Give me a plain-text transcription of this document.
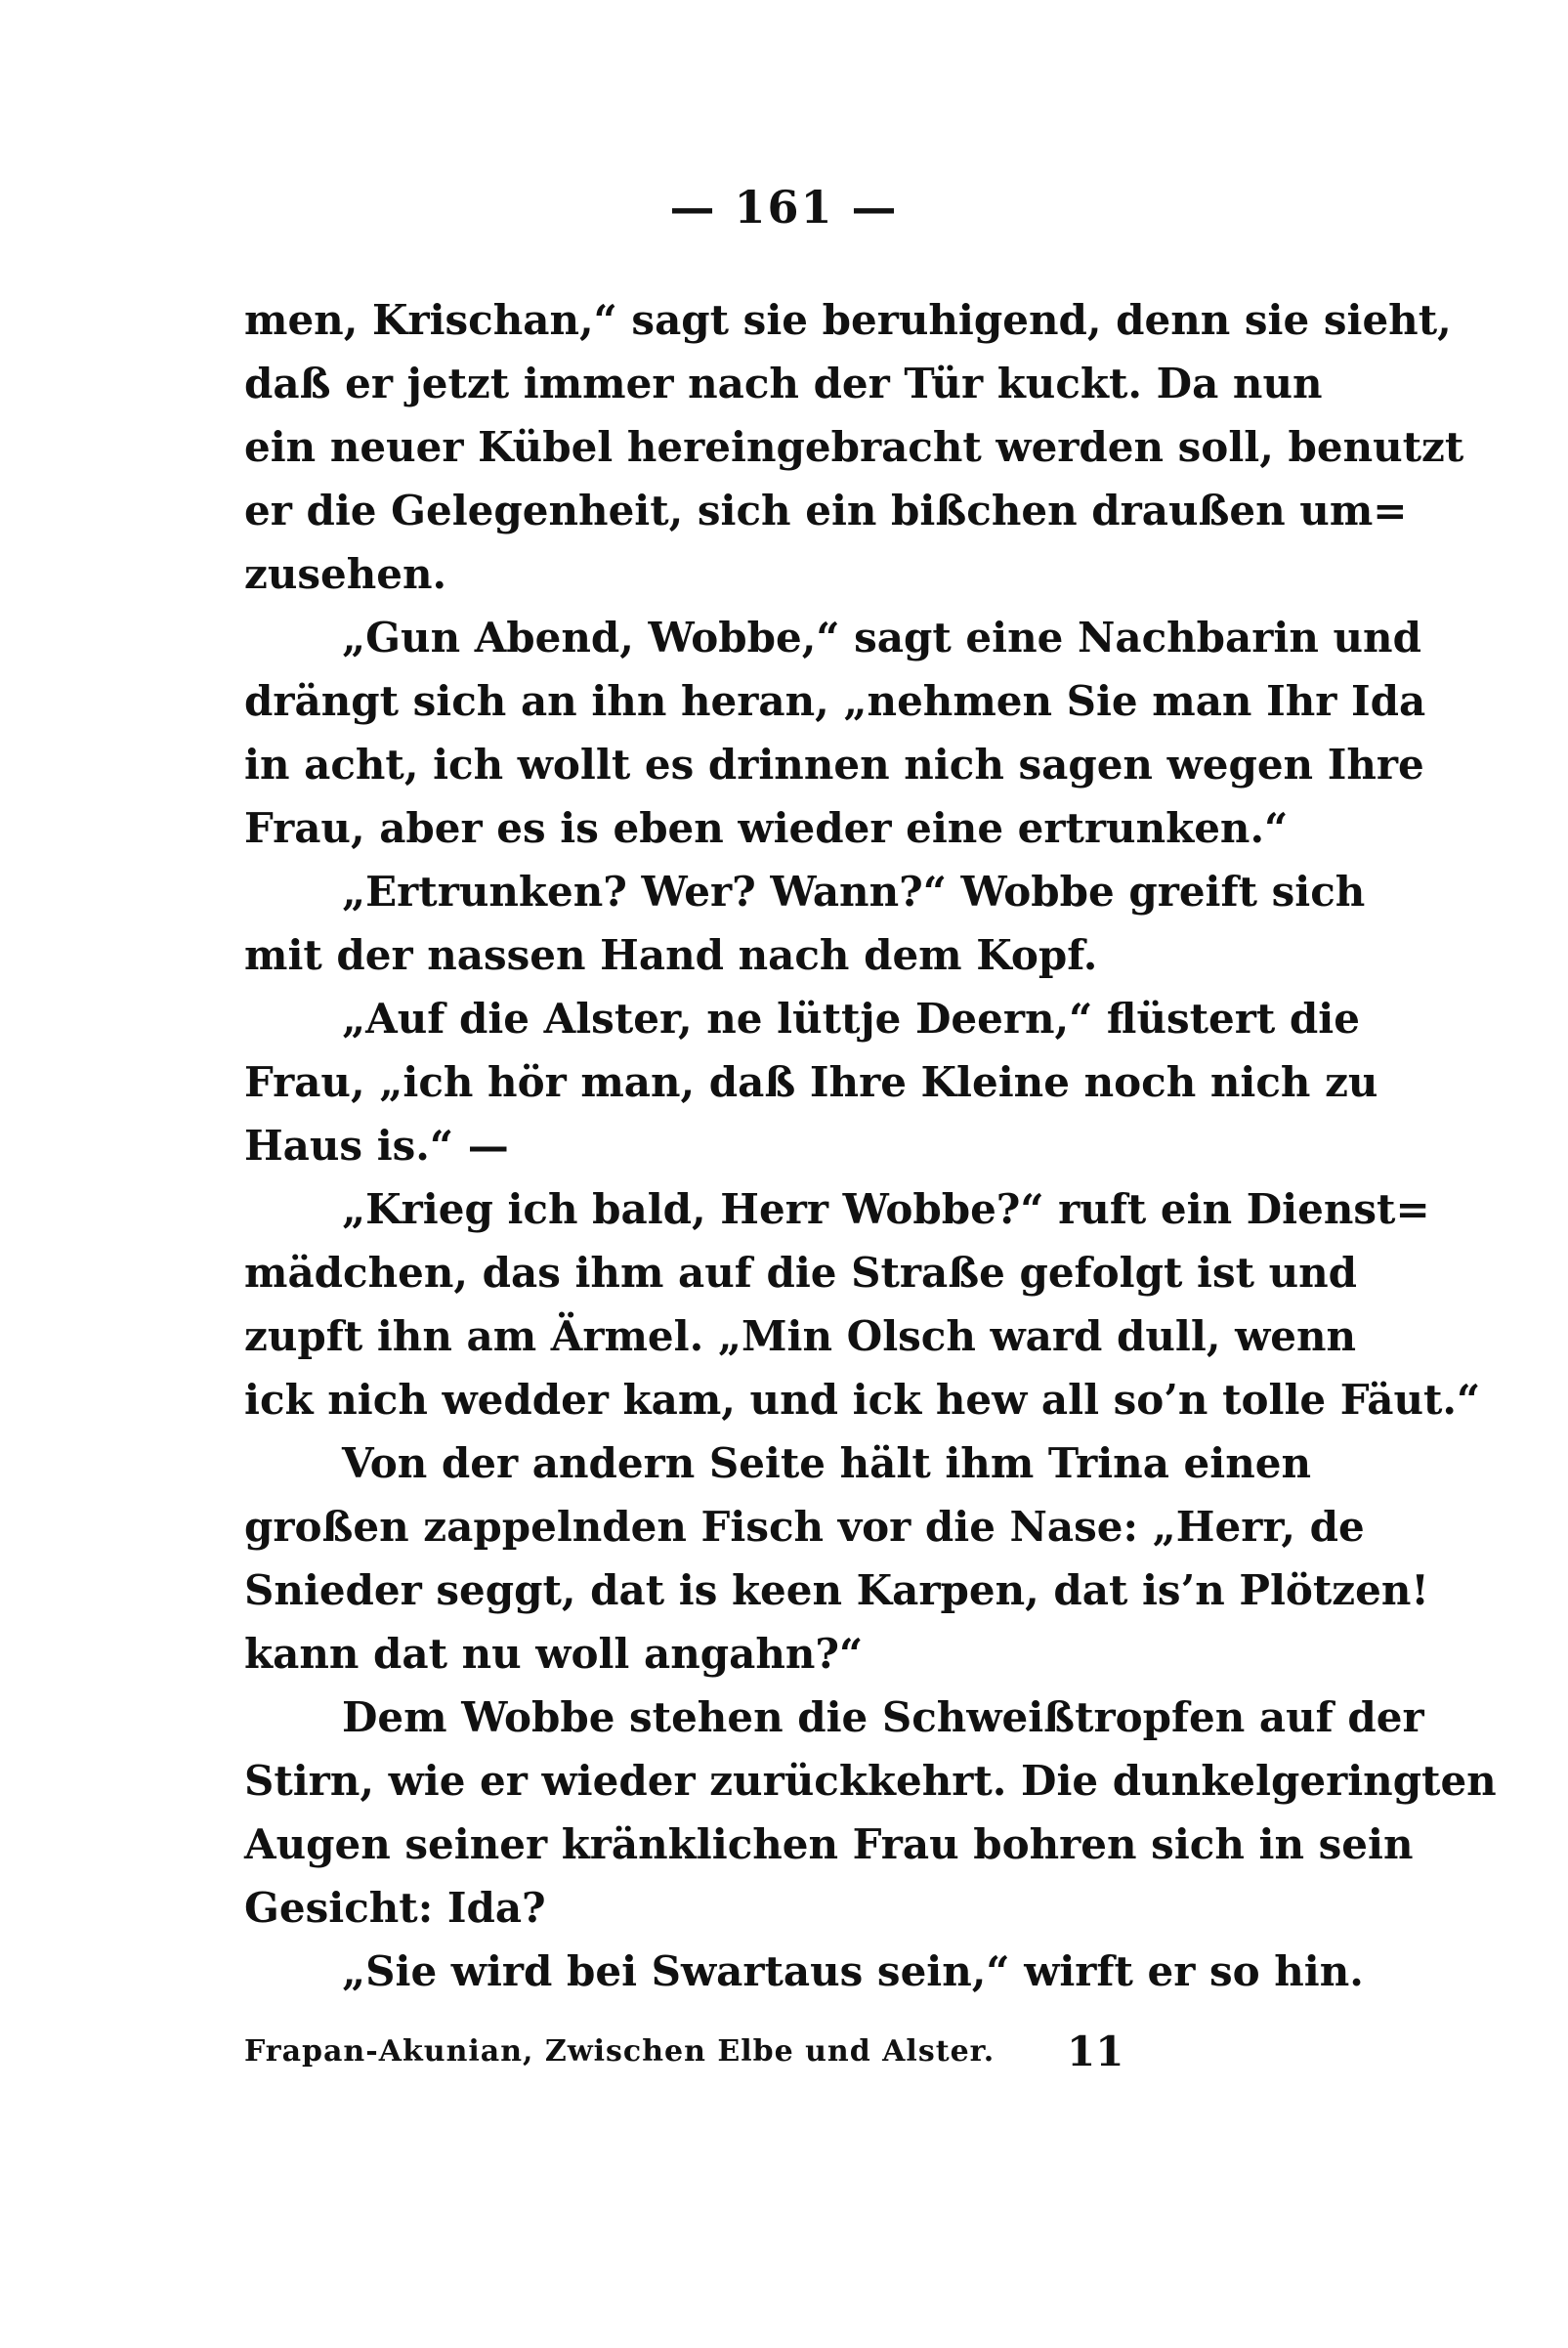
— 161 —
men, Krischan,“ sagt sie beruhigend, denn sie sieht,
daß er jetzt immer nach der Tür kuckt. Da nun
ein neuer Kübel hereingebracht werden soll, benutzt
er die Gelegenheit, sich ein bißchen draußen um=
zusehen.
„Gun Abend, Wobbe,“ sagt eine Nachbarin und
drängt sich an ihn heran, „nehmen Sie man Ihr Ida
in acht, ich wollt es drinnen nich sagen wegen Ihre
Frau, aber es is eben wieder eine ertrunken.“
„Ertrunken? Wer? Wann?“ Wobbe greift sich
mit der nassen Hand nach dem Kopf.
„Auf die Alster, ne lüttje Deern,“ flüstert die
Frau, „ich hör man, daß Ihre Kleine noch nich zu
Haus is.“ —
„Krieg ich bald, Herr Wobbe?“ ruft ein Dienst=
mädchen, das ihm auf die Straße gefolgt ist und
zupft ihn am Ärmel. „Min Olsch ward dull, wenn
ick nich wedder kam, und ick hew all so’n tolle Fäut.“
Von der andern Seite hält ihm Trina einen
großen zappelnden Fisch vor die Nase: „Herr, de
Snieder seggt, dat is keen Karpen, dat is’n Plötzen!
kann dat nu woll angahn?“
Dem Wobbe stehen die Schweißtropfen auf der
Stirn, wie er wieder zurückkehrt. Die dunkelgeringten
Augen seiner kränklichen Frau bohren sich in sein
Gesicht: Ida?
„Sie wird bei Swartaus sein,“ wirft er so hin.
Frapan-Akunian, Zwischen Elbe und Alster. 11
